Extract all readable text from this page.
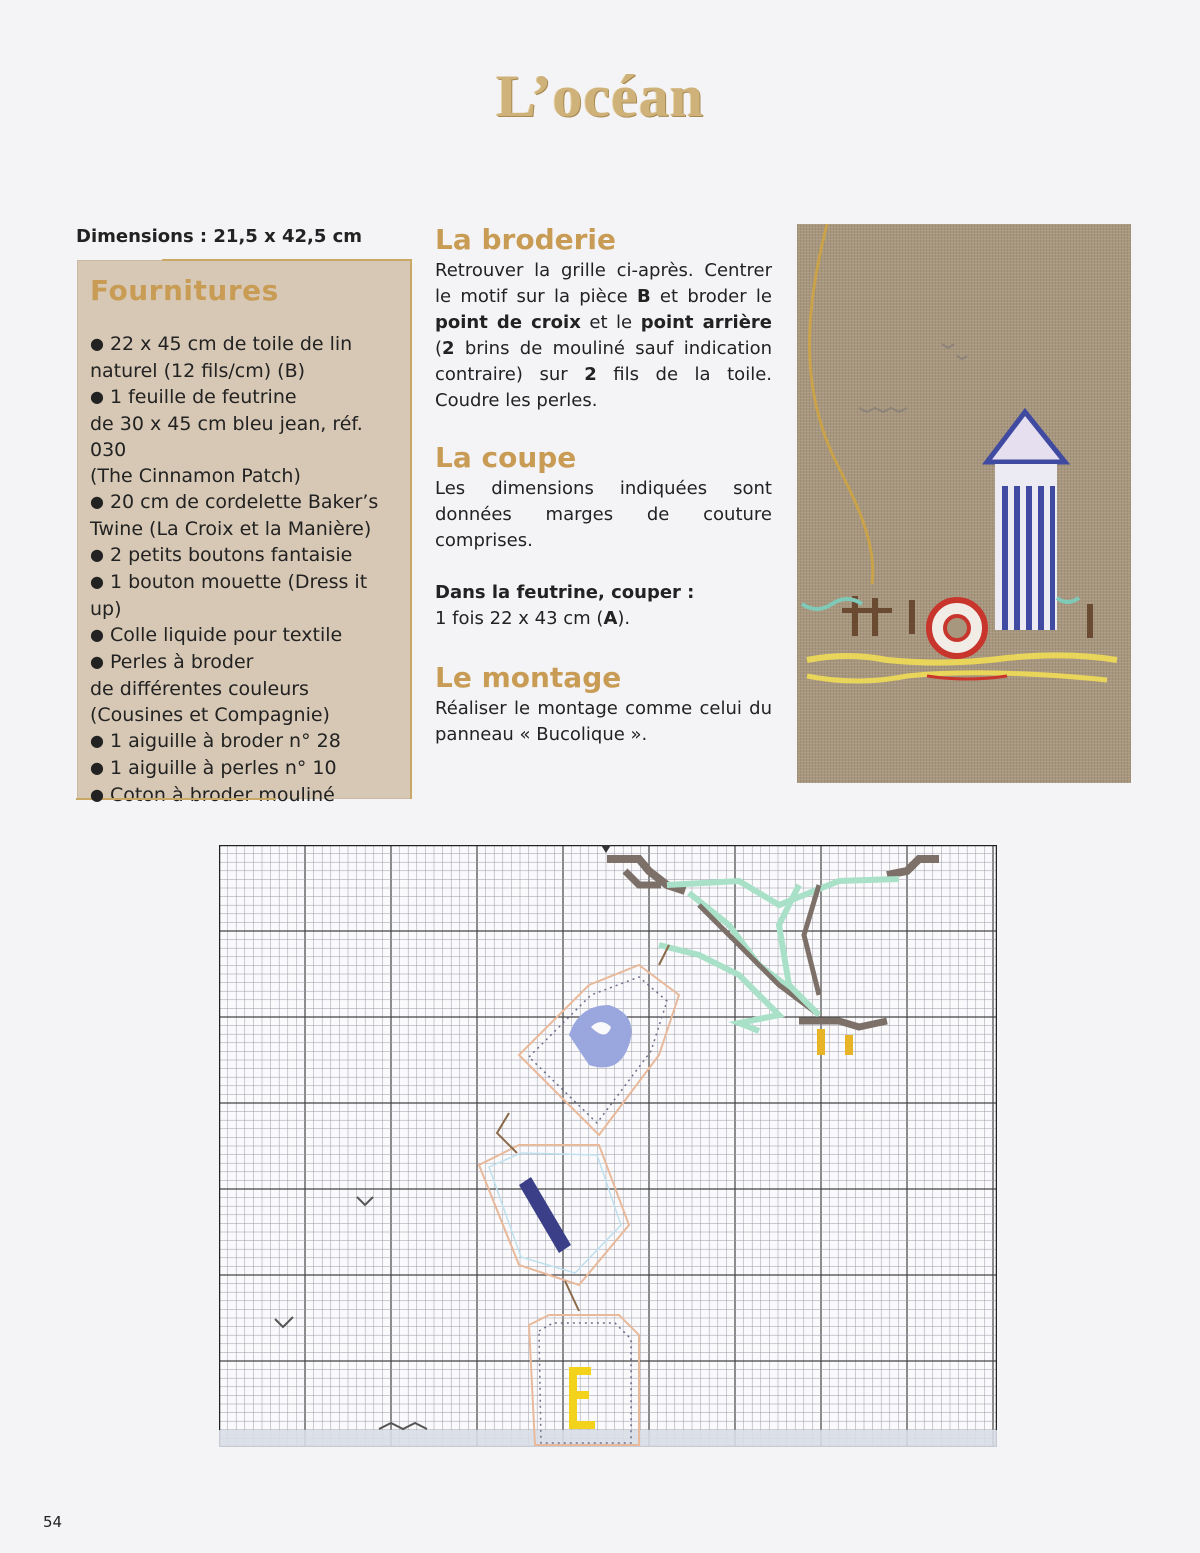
L’océan
Dimensions : 21,5 x 42,5 cm
Fournitures
● 22 x 45 cm de toile de lin
naturel (12 fils/cm) (B)
● 1 feuille de feutrine
de 30 x 45 cm bleu jean, réf. 030
(The Cinnamon Patch)
● 20 cm de cordelette Baker’s
Twine (La Croix et la Manière)
● 2 petits boutons fantaisie
● 1 bouton mouette (Dress it up)
● Colle liquide pour textile
● Perles à broder
de différentes couleurs
(Cousines et Compagnie)
● 1 aiguille à broder n° 28
● 1 aiguille à perles n° 10
● Coton à broder mouliné
La broderie

Retrouver la grille ci-après. Centrer le motif sur la pièce B et broder le point de croix et le point arrière (2 brins de mouliné sauf indication contraire) sur 2 fils de la toile. Coudre les perles.

La coupe

Les dimensions indiquées sont données marges de couture comprises.

Dans la feutrine, couper :

1 fois 22 x 43 cm (A).

Le montage

Réaliser le montage comme celui du panneau « Bucolique ».

54
